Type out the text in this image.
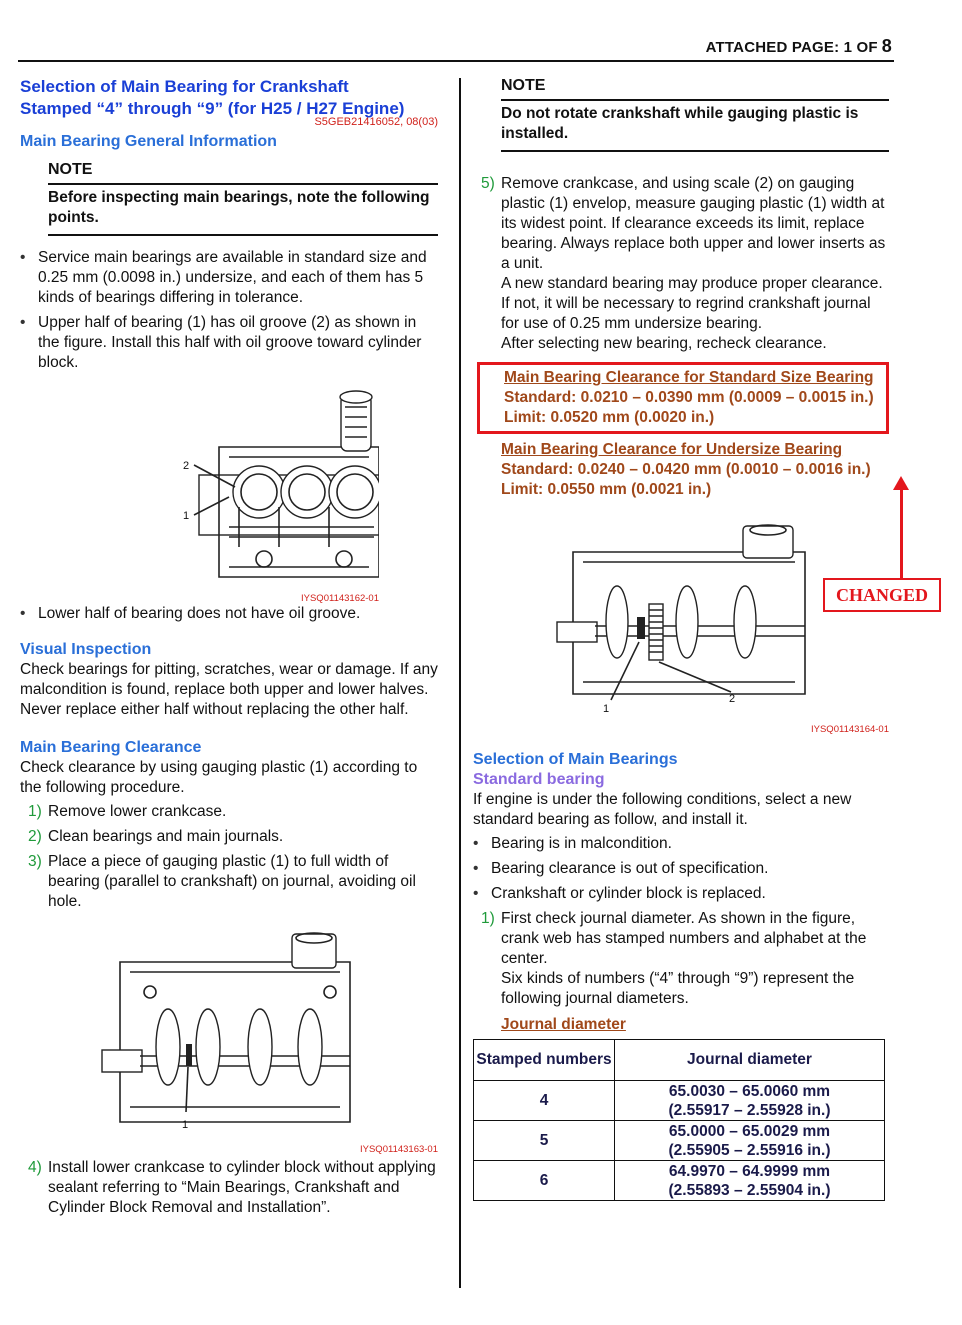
ATTACHED PAGE: 1 OF 8
Selection of Main Bearing for Crankshaft
Stamped “4” through “9” (for H25 / H27 Engine)
S5GEB21416052, 08(03)
Main Bearing General Information
NOTE
Before inspecting main bearings, note the following points.
• Service main bearings are available in standard size and 0.25 mm (0.0098 in.) undersize, and each of them has 5 kinds of bearings differing in tolerance.
• Upper half of bearing (1) has oil groove (2) as shown in the figure. Install this half with oil groove toward cylinder block.
2
1
IYSQ01143162-01
• Lower half of bearing does not have oil groove.
Visual Inspection
Check bearings for pitting, scratches, wear or damage. If any malcondition is found, replace both upper and lower halves. Never replace either half without replacing the other half.
Main Bearing Clearance
Check clearance by using gauging plastic (1) according to the following procedure.
1) Remove lower crankcase.
2) Clean bearings and main journals.
3) Place a piece of gauging plastic (1) to full width of bearing (parallel to crankshaft) on journal, avoiding oil hole.
1
IYSQ01143163-01
4) Install lower crankcase to cylinder block without applying sealant referring to “Main Bearings, Crankshaft and Cylinder Block Removal and Installation”.
NOTE
Do not rotate crankshaft while gauging plastic is installed.
5) Remove crankcase, and using scale (2) on gauging plastic (1) envelop, measure gauging plastic (1) width at its widest point. If clearance exceeds its limit, replace bearing. Always replace both upper and lower inserts as a unit.
A new standard bearing may produce proper clearance. If not, it will be necessary to regrind crankshaft journal for use of 0.25 mm undersize bearing.
After selecting new bearing, recheck clearance.
Main Bearing Clearance for Standard Size Bearing
Standard: 0.0210 – 0.0390 mm (0.0009 – 0.0015 in.)
Limit: 0.0520 mm (0.0020 in.)
Main Bearing Clearance for Undersize Bearing
Standard: 0.0240 – 0.0420 mm (0.0010 – 0.0016 in.)
Limit: 0.0550 mm (0.0021 in.)
1
2
IYSQ01143164-01
Selection of Main Bearings
Standard bearing
If engine is under the following conditions, select a new standard bearing as follow, and install it.
• Bearing is in malcondition.
• Bearing clearance is out of specification.
• Crankshaft or cylinder block is replaced.
1) First check journal diameter. As shown in the figure, crank web has stamped numbers and alphabet at the center.
Six kinds of numbers (“4” through “9”) represent the following journal diameters.
Journal diameter
Stamped numbers	Journal diameter
4	65.0030 – 65.0060 mm
(2.55917 – 2.55928 in.)

5	65.0000 – 65.0029 mm
(2.55905 – 2.55916 in.)

6	64.9970 – 64.9999 mm
(2.55893 – 2.55904 in.)
CHANGED
